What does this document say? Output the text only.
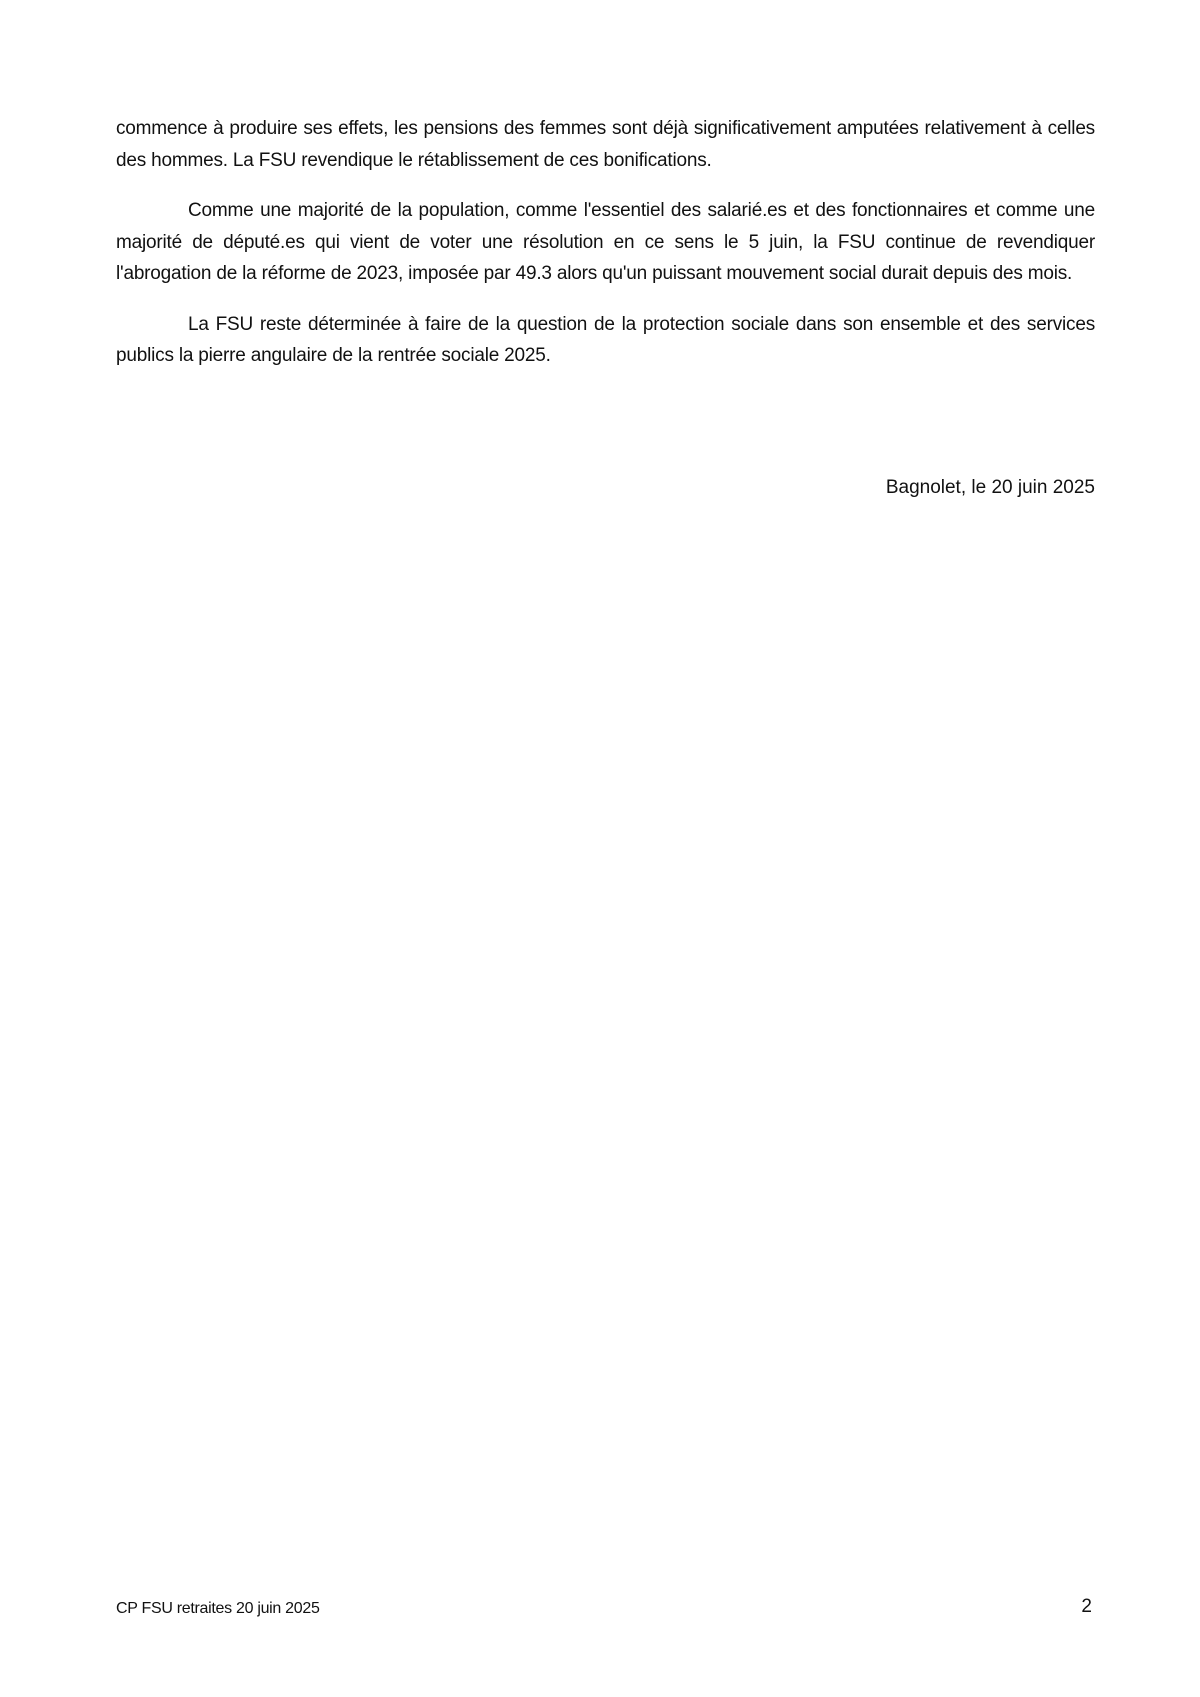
commence à produire ses effets, les pensions des femmes sont déjà significativement amputées relativement à celles des hommes. La FSU revendique le rétablissement de ces bonifications.

Comme une majorité de la population, comme l'essentiel des salarié.es et des fonctionnaires et comme une majorité de député.es qui vient de voter une résolution en ce sens le 5 juin, la FSU continue de revendiquer l'abrogation de la réforme de 2023, imposée par 49.3 alors qu'un puissant mouvement social durait depuis des mois.

La FSU reste déterminée à faire de la question de la protection sociale dans son ensemble et des services publics la pierre angulaire de la rentrée sociale 2025.

Bagnolet, le 20 juin 2025
CP FSU retraites 20 juin 2025	2
